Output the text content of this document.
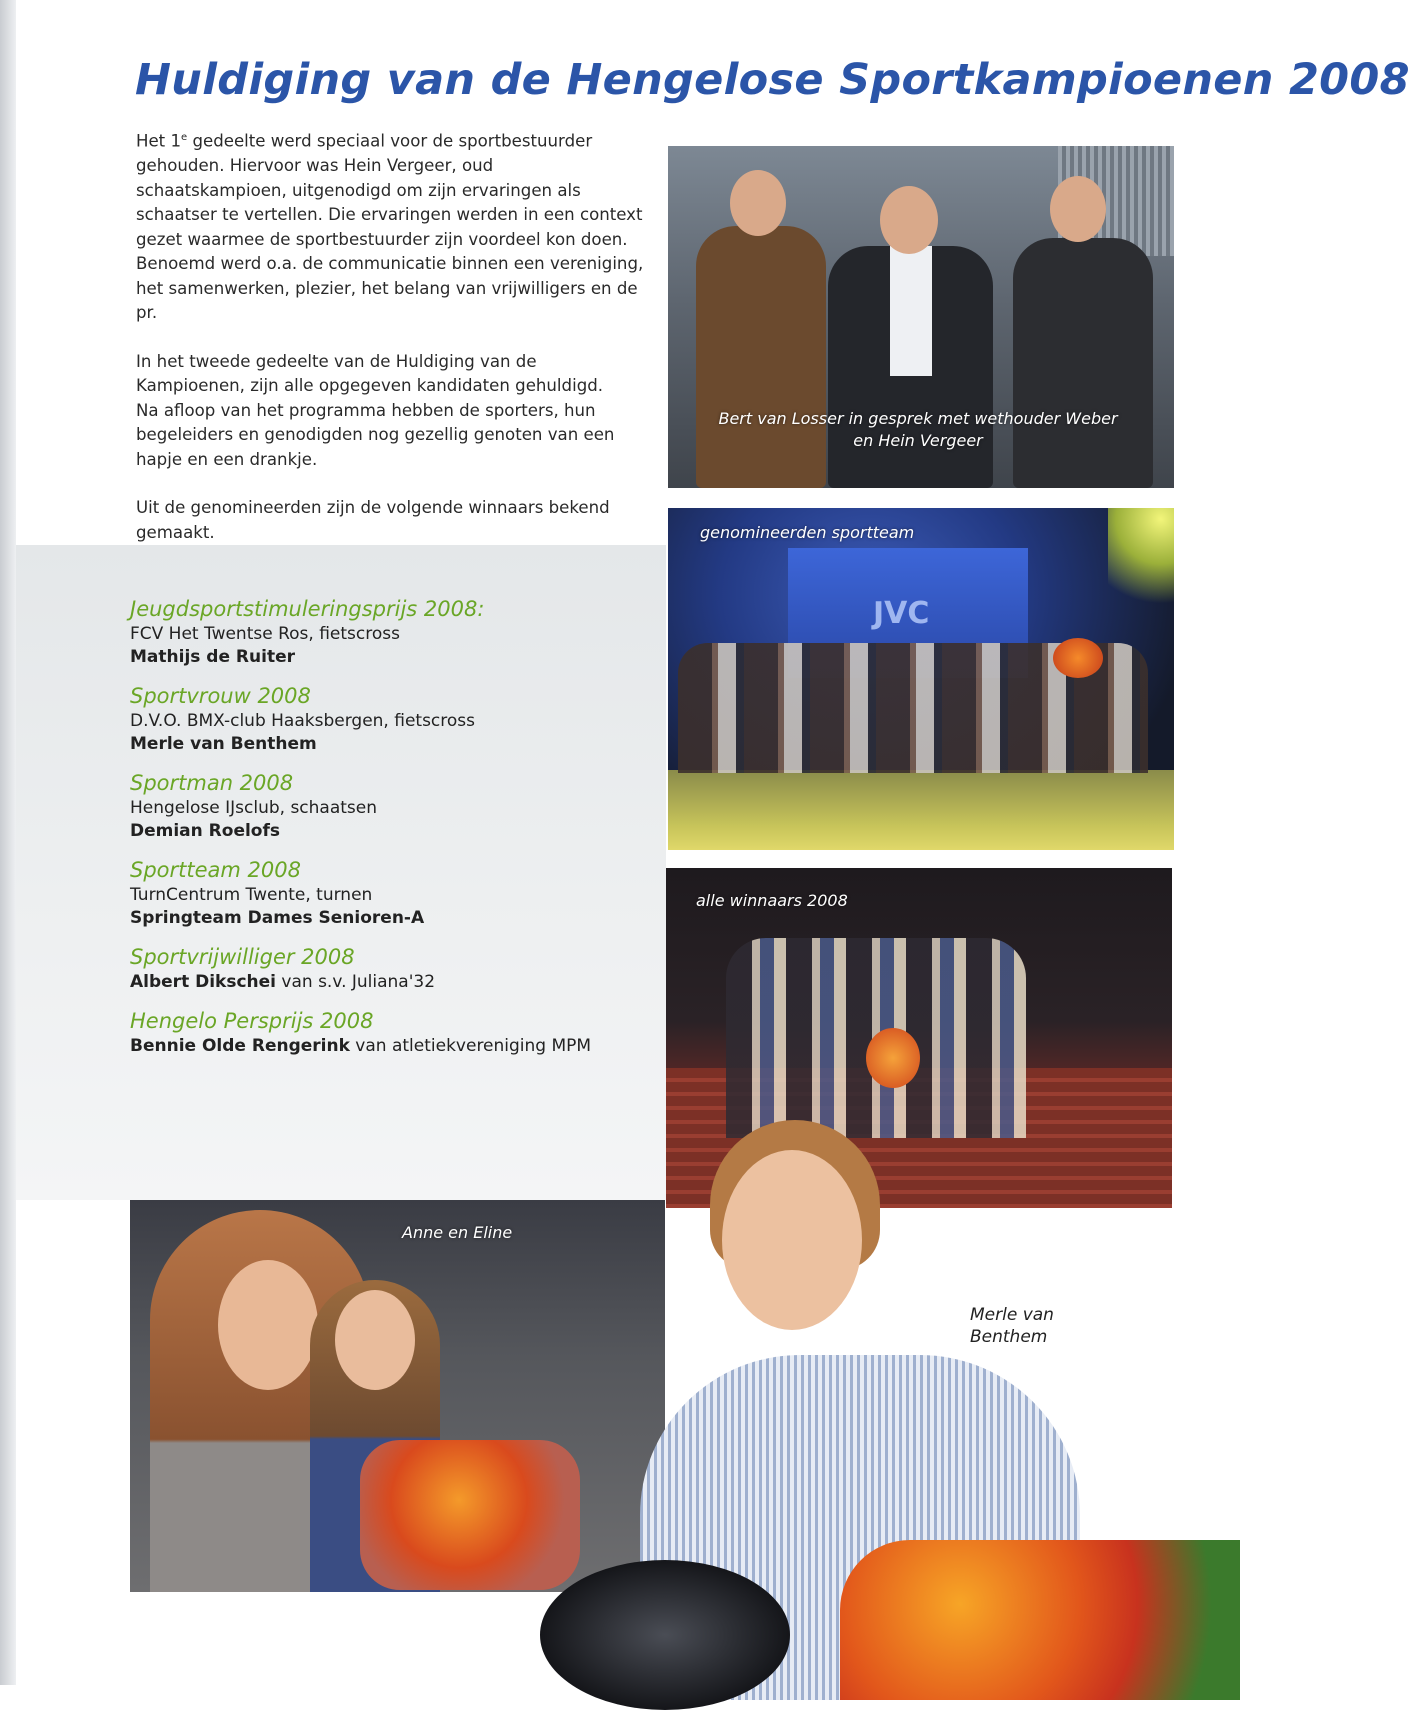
Huldiging van de Hengelose Sportkampioenen 2008

Het 1e gedeelte werd speciaal voor de sportbestuurder gehouden. Hiervoor was Hein Vergeer, oud schaatskampioen, uitgenodigd om zijn ervaringen als schaatser te vertellen. Die ervaringen werden in een context gezet waarmee de sportbestuurder zijn voordeel kon doen. Benoemd werd o.a. de communicatie binnen een vereniging, het samenwerken, plezier, het belang van vrijwilligers en de pr.

In het tweede gedeelte van de Huldiging van de Kampioenen, zijn alle opgegeven kandidaten gehuldigd.
Na afloop van het programma hebben de sporters, hun begeleiders en genodigden nog gezellig genoten van een hapje en een drankje.

Uit de genomineerden zijn de volgende winnaars bekend gemaakt.

Jeugdsportstimuleringsprijs 2008:
FCV Het Twentse Ros, fietscross
Mathijs de Ruiter
Sportvrouw 2008
D.V.O. BMX-club Haaksbergen, fietscross
Merle van Benthem
Sportman 2008
Hengelose IJsclub, schaatsen
Demian Roelofs
Sportteam 2008
TurnCentrum Twente, turnen
Springteam Dames Senioren-A
Sportvrijwilliger 2008
Albert Dikschei van s.v. Juliana'32
Hengelo Persprijs 2008
Bennie Olde Rengerink van atletiekvereniging MPM
Bert van Losser in gesprek met wethouder Weber
en Hein Vergeer
JVC
genomineerden sportteam
alle winnaars 2008
Anne en Eline
Merle van
Benthem
